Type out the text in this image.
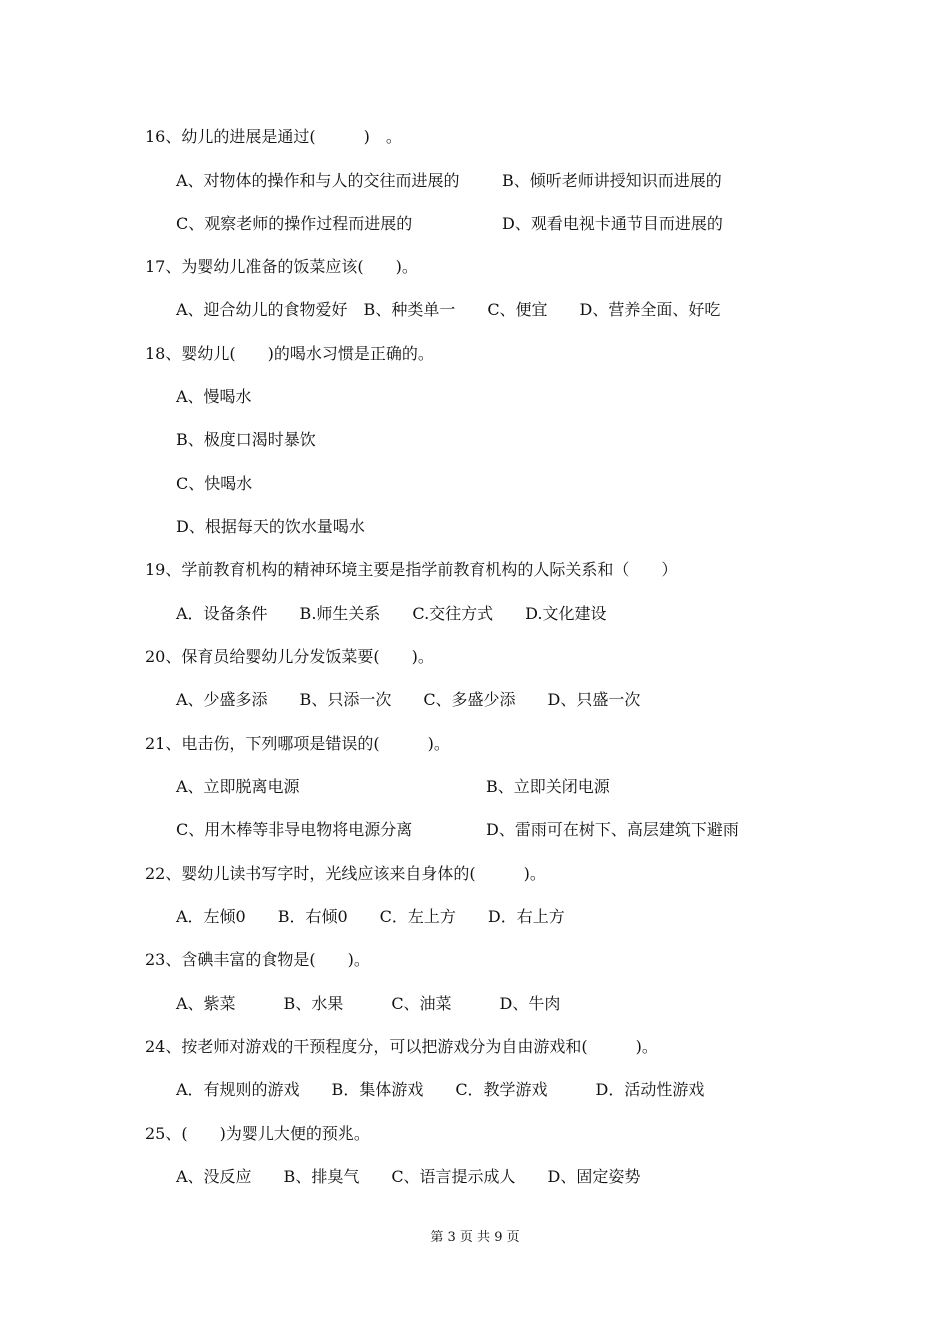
16、幼儿的进展是通过(　　　)　。
A、对物体的操作和与人的交往而进展的	B、倾听老师讲授知识而进展的
C、观察老师的操作过程而进展的	D、观看电视卡通节目而进展的
17、为婴幼儿准备的饭菜应该(　　)。
A、迎合幼儿的食物爱好　B、种类单一　　C、便宜　　D、营养全面、好吃
18、婴幼儿(　　)的喝水习惯是正确的。
A、慢喝水
B、极度口渴时暴饮
C、快喝水
D、根据每天的饮水量喝水
19、学前教育机构的精神环境主要是指学前教育机构的人际关系和（　　）
A．设备条件　　B.师生关系　　C.交往方式　　D.文化建设
20、保育员给婴幼儿分发饭菜要(　　)。
A、少盛多添　　B、只添一次　　C、多盛少添　　D、只盛一次
21、电击伤，下列哪项是错误的(　　　)。
A、立即脱离电源	B、立即关闭电源
C、用木棒等非导电物将电源分离	D、雷雨可在树下、高层建筑下避雨
22、婴幼儿读书写字时，光线应该来自身体的(　　　)。
A．左倾0　　B．右倾0　　C．左上方　　D．右上方
23、含碘丰富的食物是(　　)。
A、紫菜　　　B、水果　　　C、油菜　　　D、牛肉
24、按老师对游戏的干预程度分，可以把游戏分为自由游戏和(　　　)。
A．有规则的游戏　　B．集体游戏　　C．教学游戏　　　D．活动性游戏
25、(　　)为婴儿大便的预兆。
A、没反应　　B、排臭气　　C、语言提示成人　　D、固定姿势
第 3 页 共 9 页
